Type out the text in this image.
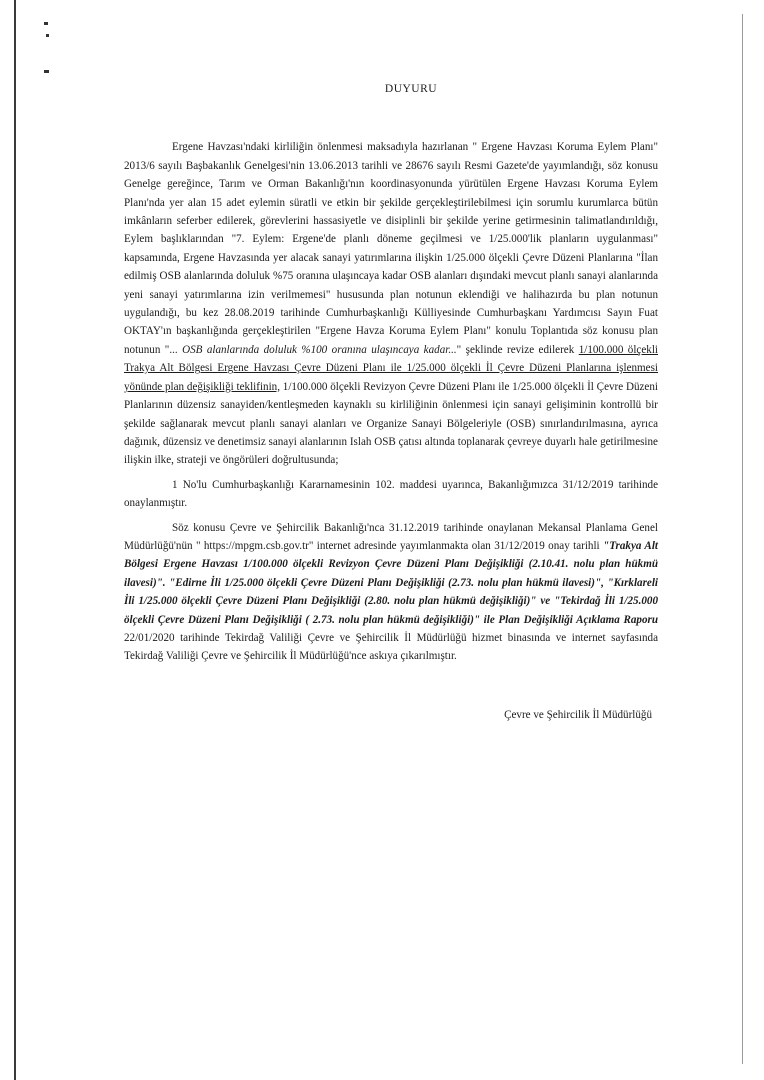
DUYURU

Ergene Havzası'ndaki kirliliğin önlenmesi maksadıyla hazırlanan " Ergene Havzası Koruma Eylem Planı" 2013/6 sayılı Başbakanlık Genelgesi'nin 13.06.2013 tarihli ve 28676 sayılı Resmi Gazete'de yayımlandığı, söz konusu Genelge gereğince, Tarım ve Orman Bakanlığı'nın koordinasyonunda yürütülen Ergene Havzası Koruma Eylem Planı'nda yer alan 15 adet eylemin süratli ve etkin bir şekilde gerçekleştirilebilmesi için sorumlu kurumlarca bütün imkânların seferber edilerek, görevlerini hassasiyetle ve disiplinli bir şekilde yerine getirmesinin talimatlandırıldığı, Eylem başlıklarından "7. Eylem: Ergene'de planlı döneme geçilmesi ve 1/25.000'lik planların uygulanması" kapsamında, Ergene Havzasında yer alacak sanayi yatırımlarına ilişkin 1/25.000 ölçekli Çevre Düzeni Planlarına "İlan edilmiş OSB alanlarında doluluk %75 oranına ulaşıncaya kadar OSB alanları dışındaki mevcut planlı sanayi alanlarında yeni sanayi yatırımlarına izin verilmemesi" hususunda plan notunun eklendiği ve halihazırda bu plan notunun uygulandığı, bu kez 28.08.2019 tarihinde Cumhurbaşkanlığı Külliyesinde Cumhurbaşkanı Yardımcısı Sayın Fuat OKTAY'ın başkanlığında gerçekleştirilen "Ergene Havza Koruma Eylem Planı" konulu Toplantıda söz konusu plan notunun "... OSB alanlarında doluluk %100 oranına ulaşıncaya kadar..." şeklinde revize edilerek 1/100.000 ölçekli Trakya Alt Bölgesi Ergene Havzası Çevre Düzeni Planı ile 1/25.000 ölçekli İl Çevre Düzeni Planlarına işlenmesi yönünde plan değişikliği teklifinin, 1/100.000 ölçekli Revizyon Çevre Düzeni Planı ile 1/25.000 ölçekli İl Çevre Düzeni Planlarının düzensiz sanayiden/kentleşmeden kaynaklı su kirliliğinin önlenmesi için sanayi gelişiminin kontrollü bir şekilde sağlanarak mevcut planlı sanayi alanları ve Organize Sanayi Bölgeleriyle (OSB) sınırlandırılmasına, ayrıca dağınık, düzensiz ve denetimsiz sanayi alanlarının Islah OSB çatısı altında toplanarak çevreye duyarlı hale getirilmesine ilişkin ilke, strateji ve öngörüleri doğrultusunda;

1 No'lu Cumhurbaşkanlığı Kararnamesinin 102. maddesi uyarınca, Bakanlığımızca 31/12/2019 tarihinde onaylanmıştır.

Söz konusu Çevre ve Şehircilik Bakanlığı'nca 31.12.2019 tarihinde onaylanan Mekansal Planlama Genel Müdürlüğü'nün " https://mpgm.csb.gov.tr" internet adresinde yayımlanmakta olan 31/12/2019 onay tarihli "Trakya Alt Bölgesi Ergene Havzası 1/100.000 ölçekli Revizyon Çevre Düzeni Planı Değişikliği (2.10.41. nolu plan hükmü ilavesi)". "Edirne İli 1/25.000 ölçekli Çevre Düzeni Planı Değişikliği (2.73. nolu plan hükmü ilavesi)", "Kırklareli İli 1/25.000 ölçekli Çevre Düzeni Planı Değişikliği (2.80. nolu plan hükmü değişikliği)" ve "Tekirdağ İli 1/25.000 ölçekli Çevre Düzeni Planı Değişikliği ( 2.73. nolu plan hükmü değişikliği)" ile Plan Değişikliği Açıklama Raporu 22/01/2020 tarihinde Tekirdağ Valiliği Çevre ve Şehircilik İl Müdürlüğü hizmet binasında ve internet sayfasında Tekirdağ Valiliği Çevre ve Şehircilik İl Müdürlüğü'nce askıya çıkarılmıştır.

Çevre ve Şehircilik İl Müdürlüğü
